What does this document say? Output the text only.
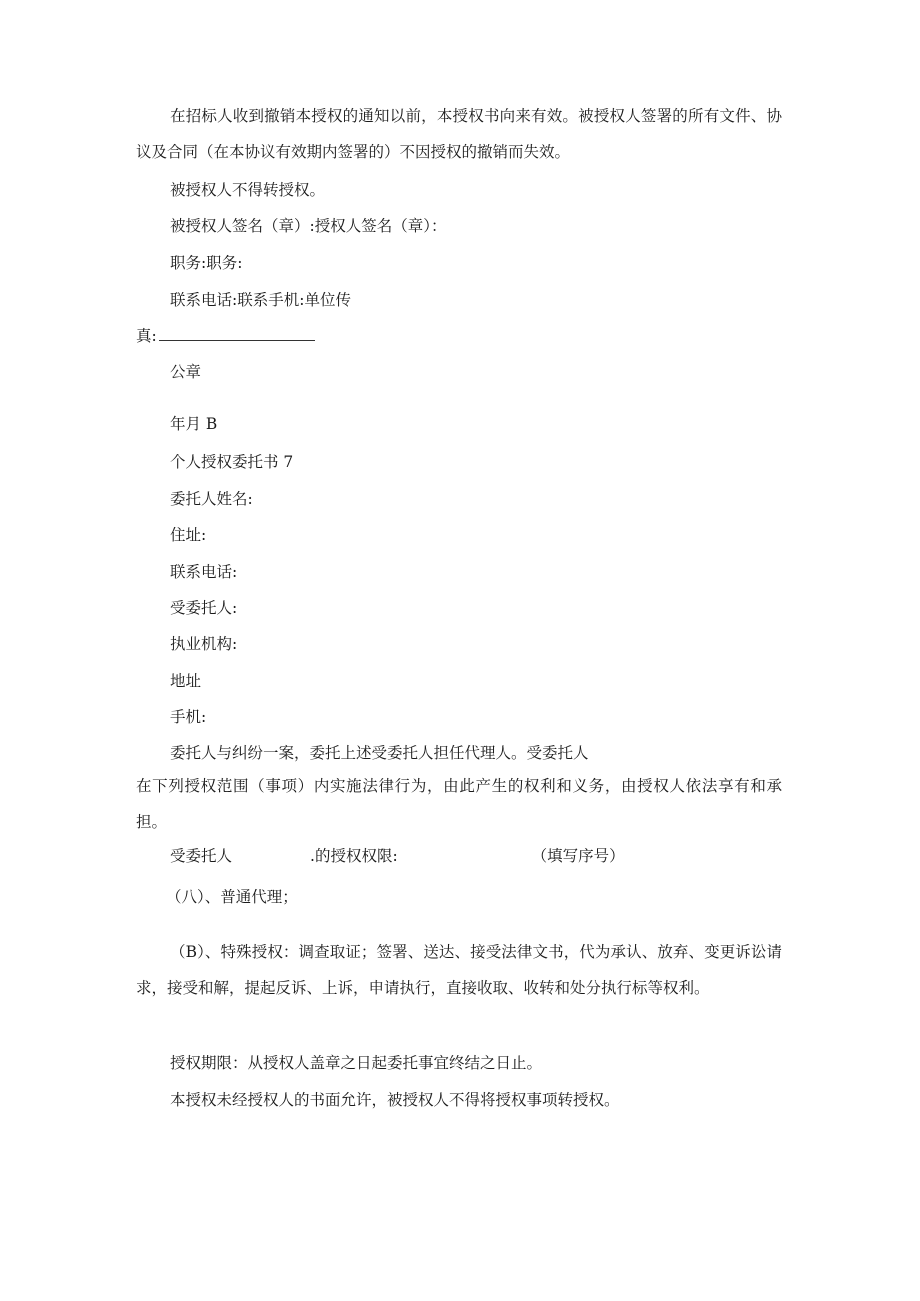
在招标人收到撤销本授权的通知以前，本授权书向来有效。被授权人签署的所有文件、协议及合同（在本协议有效期内签署的）不因授权的撤销而失效。
被授权人不得转授权。
被授权人签名（章）:授权人签名（章）：
职务:职务:
联系电话:联系手机:单位传
真:
公章
年月 B
个人授权委托书 7
委托人姓名:
住址:
联系电话:
受委托人:
执业机构:
地址
手机:
委托人与纠纷一案，委托上述受委托人担任代理人。受委托人
在下列授权范围（事项）内实施法律行为，由此产生的权利和义务，由授权人依法享有和承担。
受委托人	.的授权权限:	（填写序号）
（八）、普通代理；
（B）、特殊授权：调查取证；签署、送达、接受法律文书，代为承认、放弃、变更诉讼请求，接受和解，提起反诉、上诉，申请执行，直接收取、收转和处分执行标等权利。
授权期限：从授权人盖章之日起委托事宜终结之日止。
本授权未经授权人的书面允许，被授权人不得将授权事项转授权。
